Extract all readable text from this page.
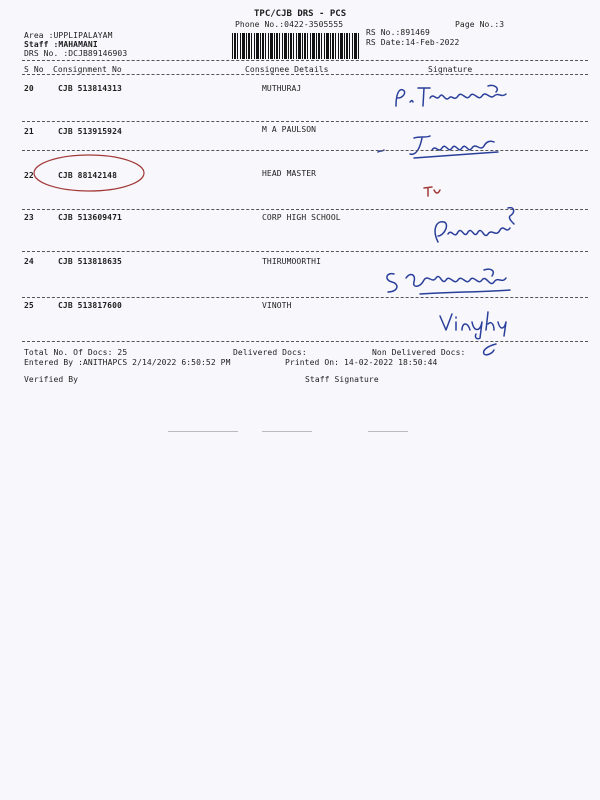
TPC/CJB DRS - PCS
Phone No.:0422-3505555	Page No.:3
Area :UPPLIPALAYAM
Staff :MAHAMANI
DRS No. :DCJB89146903
RS No.:891469
RS Date:14-Feb-2022
S No Consignment No	Consignee Details	Signature
20	CJB 513814313	MUTHURAJ
21	CJB 513915924	M A PAULSON
22	CJB 88142148	HEAD MASTER
23	CJB 513609471	CORP HIGH SCHOOL
24	CJB 513818635	THIRUMOORTHI
25	CJB 513817600	VINOTH
Total No. Of Docs: 25	Delivered Docs:	Non Delivered Docs:
Entered By :ANITHAPCS 2/14/2022 6:50:52 PM	Printed On: 14-02-2022 18:50:44
Verified By	Staff Signature
